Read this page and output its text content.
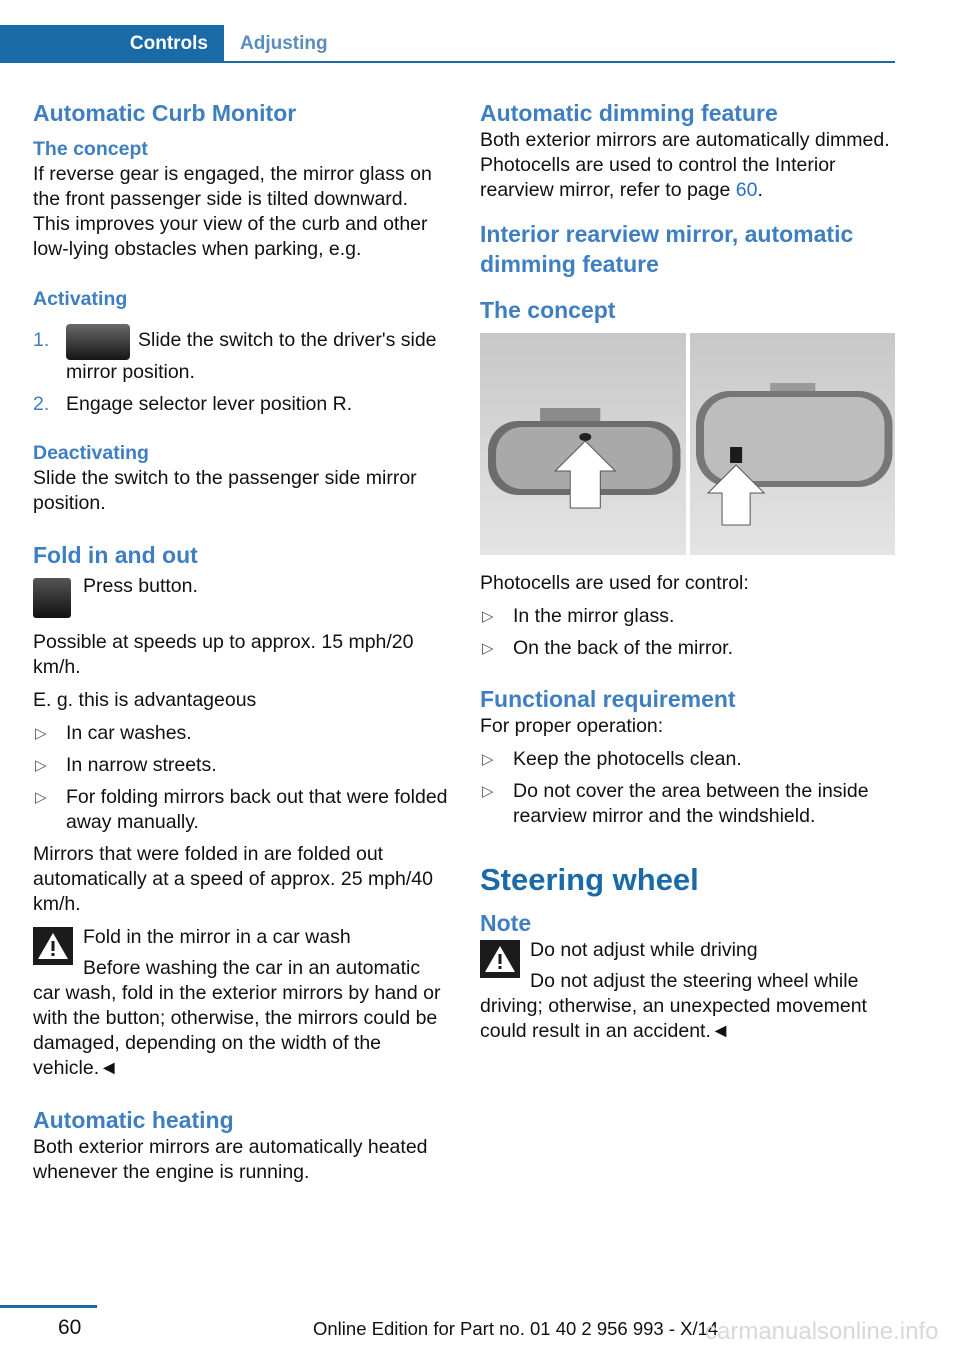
Controls Adjusting
Automatic Curb Monitor
The concept

If reverse gear is engaged, the mirror glass on the front passenger side is tilted downward. This improves your view of the curb and other low-lying obstacles when parking, e.g.

Activating
1.	Slide the switch to the driver's side mirror position.
2. Engage selector lever position R.
Deactivating

Slide the switch to the passenger side mirror position.

Fold in and out

Press button.

Possible at speeds up to approx. 15 mph/20 km/h.

E. g. this is advantageous

▷ In car washes.
▷ In narrow streets.
▷ For folding mirrors back out that were folded away manually.

Mirrors that were folded in are folded out automatically at a speed of approx. 25 mph/40 km/h.

Fold in the mirror in a car wash

Before washing the car in an automatic car wash, fold in the exterior mirrors by hand or with the button; otherwise, the mirrors could be damaged, depending on the width of the vehicle.◄

Automatic heating

Both exterior mirrors are automatically heated whenever the engine is running.

Automatic dimming feature

Both exterior mirrors are automatically dimmed. Photocells are used to control the Interior rearview mirror, refer to page 60.

Interior rearview mirror, automatic dimming feature
The concept

Photocells are used for control:

▷ In the mirror glass.
▷ On the back of the mirror.
Functional requirement

For proper operation:

▷ Keep the photocells clean.
▷ Do not cover the area between the inside rearview mirror and the windshield.
Steering wheel
Note

Do not adjust while driving

Do not adjust the steering wheel while driving; otherwise, an unexpected movement could result in an accident.◄

60	Online Edition for Part no. 01 40 2 956 993 - X/14
carmanualsonline.info
